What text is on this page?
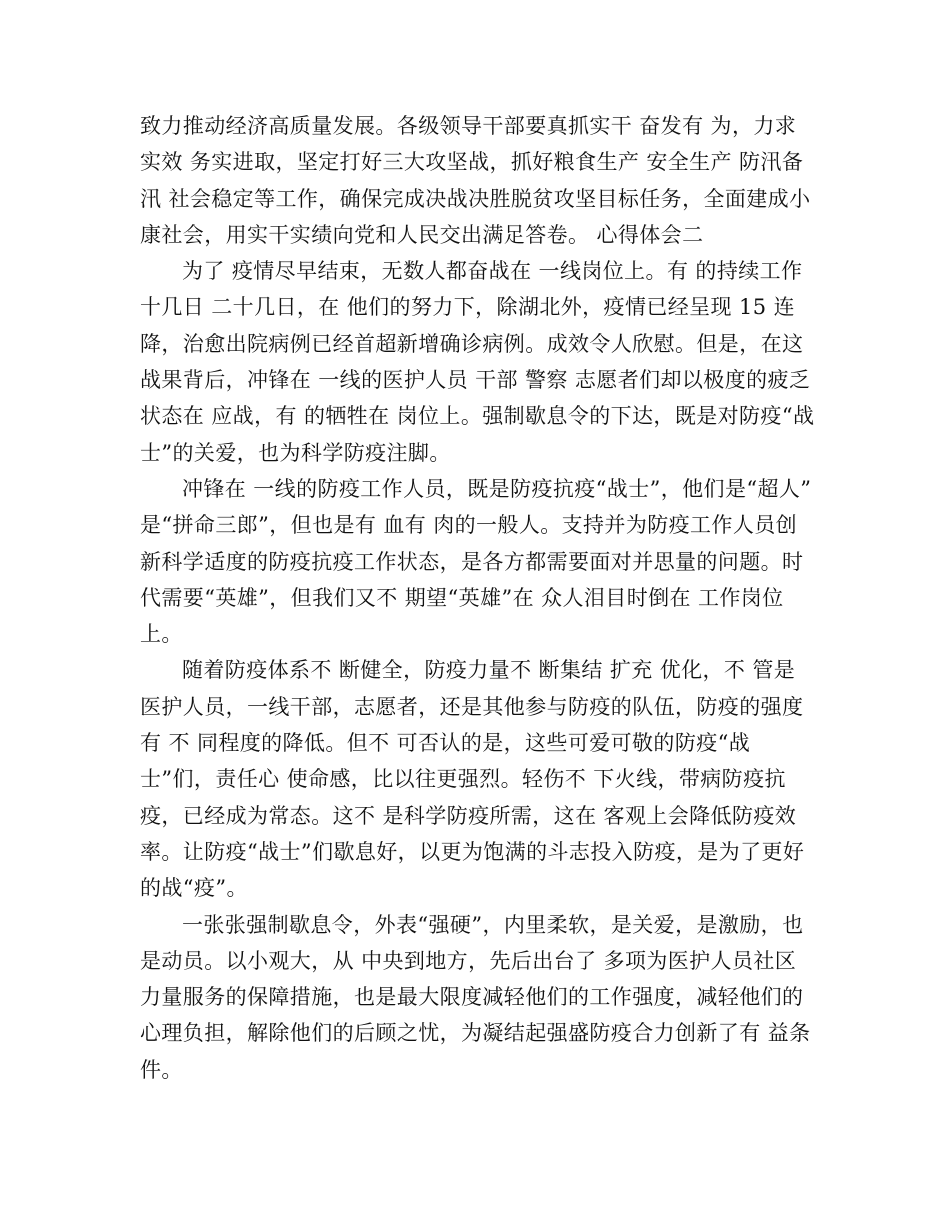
致力推动经济高质量发展。各级领导干部要真抓实干 奋发有 为，力求实效 务实进取，坚定打好三大攻坚战，抓好粮食生产 安全生产 防汛备汛 社会稳定等工作，确保完成决战决胜脱贫攻坚目标任务，全面建成小康社会，用实干实绩向党和人民交出满足答卷。 心得体会二

为了 疫情尽早结束，无数人都奋战在 一线岗位上。有 的持续工作十几日 二十几日，在 他们的努力下，除湖北外，疫情已经呈现 15 连降，治愈出院病例已经首超新增确诊病例。成效令人欣慰。但是，在这战果背后，冲锋在 一线的医护人员 干部 警察 志愿者们却以极度的疲乏状态在 应战，有 的牺牲在 岗位上。强制歇息令的下达，既是对防疫“战士”的关爱，也为科学防疫注脚。

冲锋在 一线的防疫工作人员，既是防疫抗疫“战士”，他们是“超人” 是“拼命三郎”，但也是有 血有 肉的一般人。支持并为防疫工作人员创新科学适度的防疫抗疫工作状态，是各方都需要面对并思量的问题。时代需要“英雄”，但我们又不 期望“英雄”在 众人泪目时倒在 工作岗位上。

随着防疫体系不 断健全，防疫力量不 断集结 扩充 优化，不 管是医护人员，一线干部，志愿者，还是其他参与防疫的队伍，防疫的强度有 不 同程度的降低。但不 可否认的是，这些可爱可敬的防疫“战士”们，责任心 使命感，比以往更强烈。轻伤不 下火线，带病防疫抗疫，已经成为常态。这不 是科学防疫所需，这在 客观上会降低防疫效率。让防疫“战士”们歇息好，以更为饱满的斗志投入防疫，是为了更好的战“疫”。

一张张强制歇息令，外表“强硬”，内里柔软，是关爱，是激励，也是动员。以小观大，从 中央到地方，先后出台了 多项为医护人员社区力量服务的保障措施，也是最大限度减轻他们的工作强度，减轻他们的心理负担，解除他们的后顾之忧，为凝结起强盛防疫合力创新了有 益条件。
